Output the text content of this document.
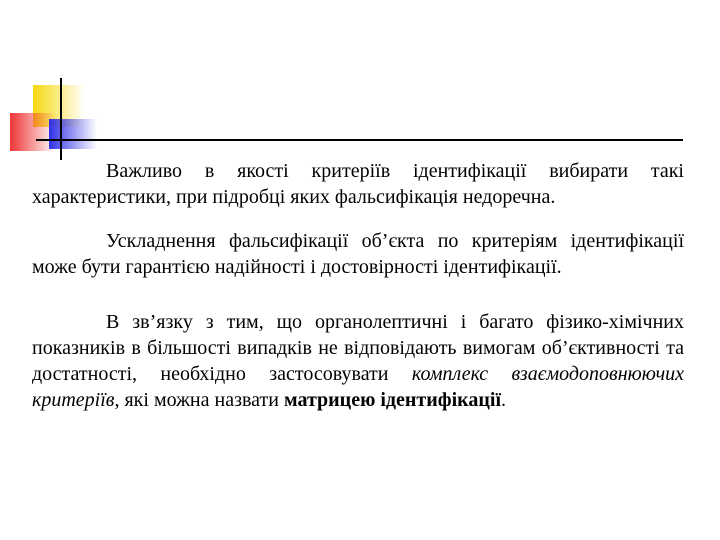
Важливо в якості критеріїв ідентифікації вибирати такі характеристики, при підробці яких фальсифікація недоречна.

Ускладнення фальсифікації об’єкта по критеріям ідентифікації може бути гарантією надійності і достовірності ідентифікації.

В зв’язку з тим, що органолептичні і багато фізико-хімічних показників в більшості випадків не відповідають вимогам об’єктивності та достатності, необхідно застосовувати комплекс взаємодоповнюючих критеріїв, які можна назвати матрицею ідентифікації.
